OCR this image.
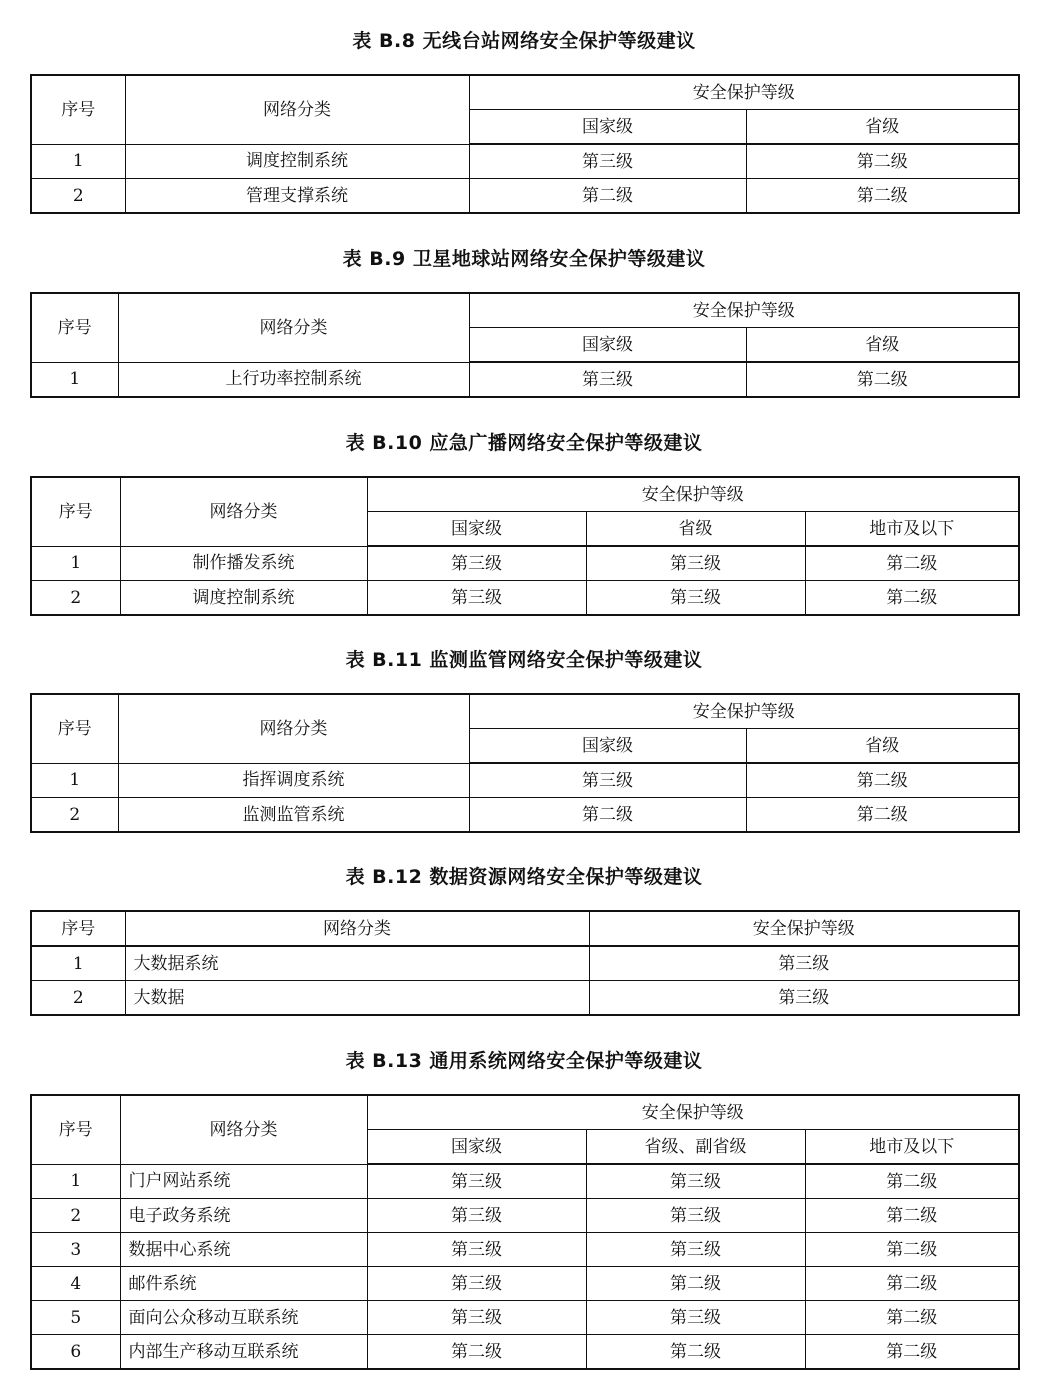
表 B.8 无线台站网络安全保护等级建议
序号	网络分类	安全保护等级	
		国家级	省级
1	调度控制系统	第三级	第二级
2	管理支撑系统	第二级	第二级
表 B.9 卫星地球站网络安全保护等级建议
序号	网络分类	安全保护等级	
		国家级	省级
1	上行功率控制系统	第三级	第二级
表 B.10 应急广播网络安全保护等级建议
序号	网络分类	安全保护等级		
		国家级	省级	地市及以下
1	制作播发系统	第三级	第三级	第二级
2	调度控制系统	第三级	第三级	第二级
表 B.11 监测监管网络安全保护等级建议
序号	网络分类	安全保护等级	
		国家级	省级
1	指挥调度系统	第三级	第二级
2	监测监管系统	第二级	第二级
表 B.12 数据资源网络安全保护等级建议
序号	网络分类	安全保护等级
1	大数据系统	第三级
2	大数据	第三级
表 B.13 通用系统网络安全保护等级建议
序号	网络分类	安全保护等级		
		国家级	省级、副省级	地市及以下
1	门户网站系统	第三级	第三级	第二级
2	电子政务系统	第三级	第三级	第二级
3	数据中心系统	第三级	第三级	第二级
4	邮件系统	第三级	第二级	第二级
5	面向公众移动互联系统	第三级	第三级	第二级
6	内部生产移动互联系统	第二级	第二级	第二级
